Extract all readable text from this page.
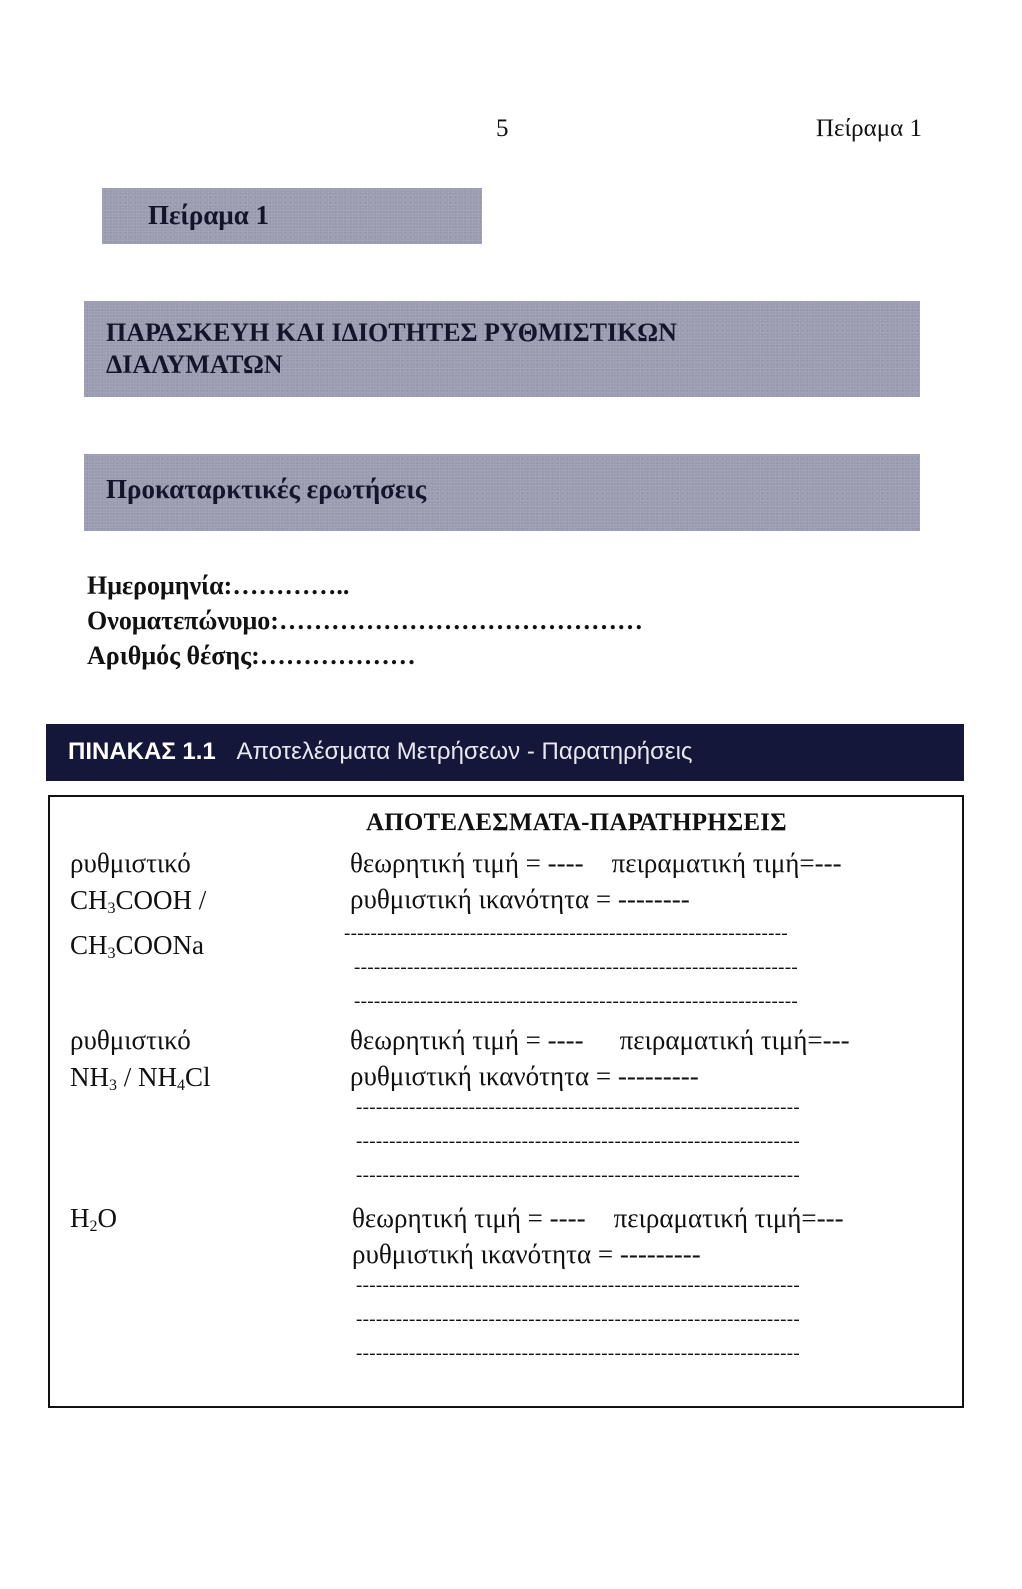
5	Πείραμα 1
Πείραμα 1
ΠΑΡΑΣΚΕΥΗ ΚΑΙ ΙΔΙΟΤΗΤΕΣ ΡΥΘΜΙΣΤΙΚΩΝ
ΔΙΑΛΥΜΑΤΩΝ
Προκαταρκτικές ερωτήσεις
Ημερομηνία:…………..
Ονοματεπώνυμο:……………………………………
Αριθμός θέσης:………………
ΠΙΝΑΚΑΣ 1.1 Αποτελέσματα Μετρήσεων - Παρατηρήσεις
ΑΠΟΤΕΛΕΣΜΑΤΑ-ΠΑΡΑΤΗΡΗΣΕΙΣ
ρυθμιστικό
$CH_3COOH$ /
$CH_3COONa$
θεωρητική τιμή = ---- πειραματική τιμή=---
ρυθμιστική ικανότητα = --------
-------------------------------------------------------------------
-------------------------------------------------------------------
-------------------------------------------------------------------
ρυθμιστικό
$NH_3 / NH_4Cl$
θεωρητική τιμή = ---- πειραματική τιμή=---
ρυθμιστική ικανότητα = ---------
-------------------------------------------------------------------
-------------------------------------------------------------------
-------------------------------------------------------------------
$H_2O$	θεωρητική τιμή = ---- πειραματική τιμή=---
ρυθμιστική ικανότητα = ---------
-------------------------------------------------------------------
-------------------------------------------------------------------
-------------------------------------------------------------------
